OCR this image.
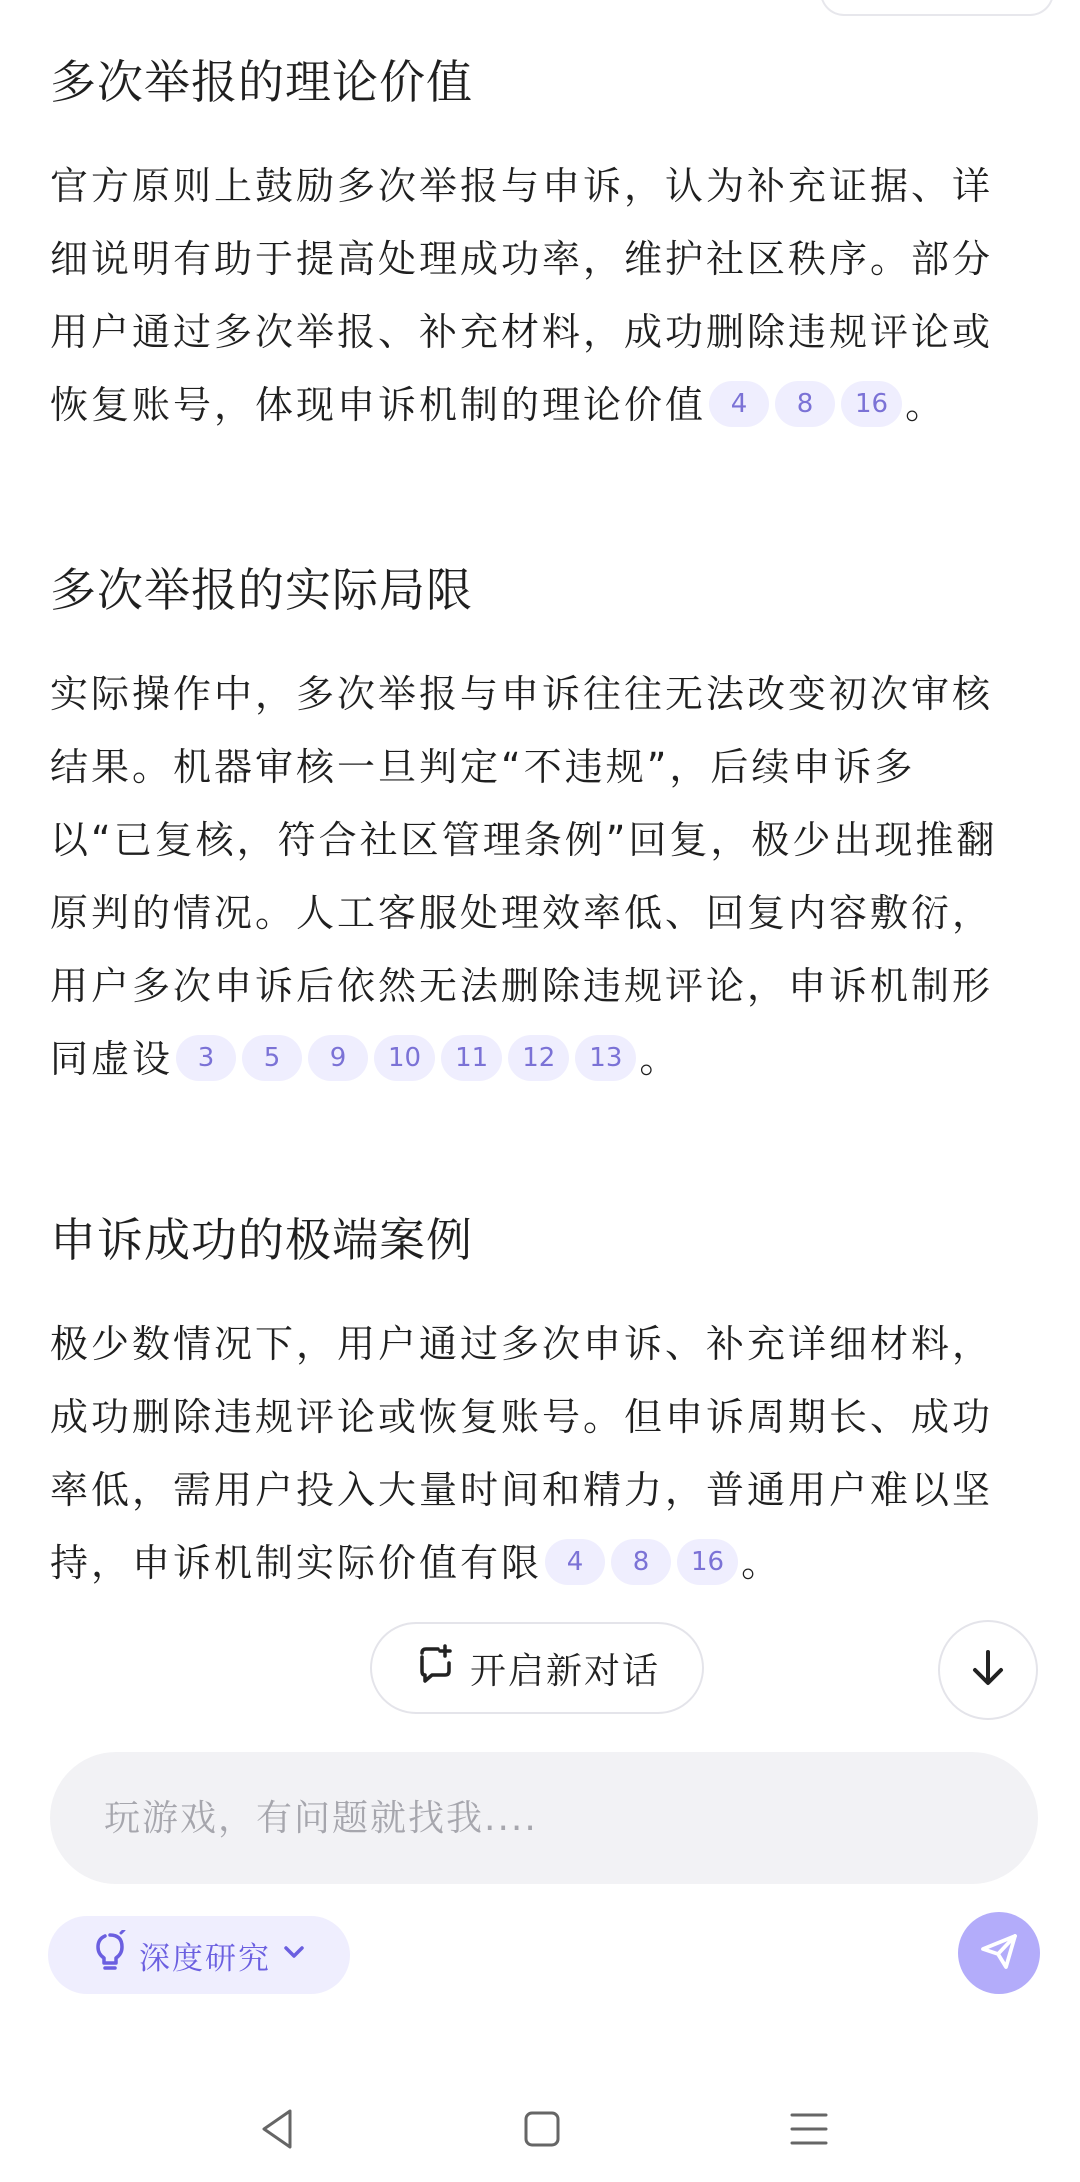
多次举报的理论价值

官方原则上鼓励多次举报与申诉，认为补充证据、详细说明有助于提高处理成功率，维护社区秩序。部分用户通过多次举报、补充材料，成功删除违规评论或恢复账号，体现申诉机制的理论价值 4 8 16 。

多次举报的实际局限

实际操作中，多次举报与申诉往往无法改变初次审核结果。机器审核一旦判定“不违规”，后续申诉多以“已复核，符合社区管理条例”回复，极少出现推翻原判的情况。人工客服处理效率低、回复内容敷衍，用户多次申诉后依然无法删除违规评论，申诉机制形同虚设 3 5 9 10 11 12 13 。

申诉成功的极端案例

极少数情况下，用户通过多次申诉、补充详细材料，成功删除违规评论或恢复账号。但申诉周期长、成功率低，需用户投入大量时间和精力，普通用户难以坚持，申诉机制实际价值有限 4 8 16 。

开启新对话
玩游戏，有问题就找我....
深度研究
